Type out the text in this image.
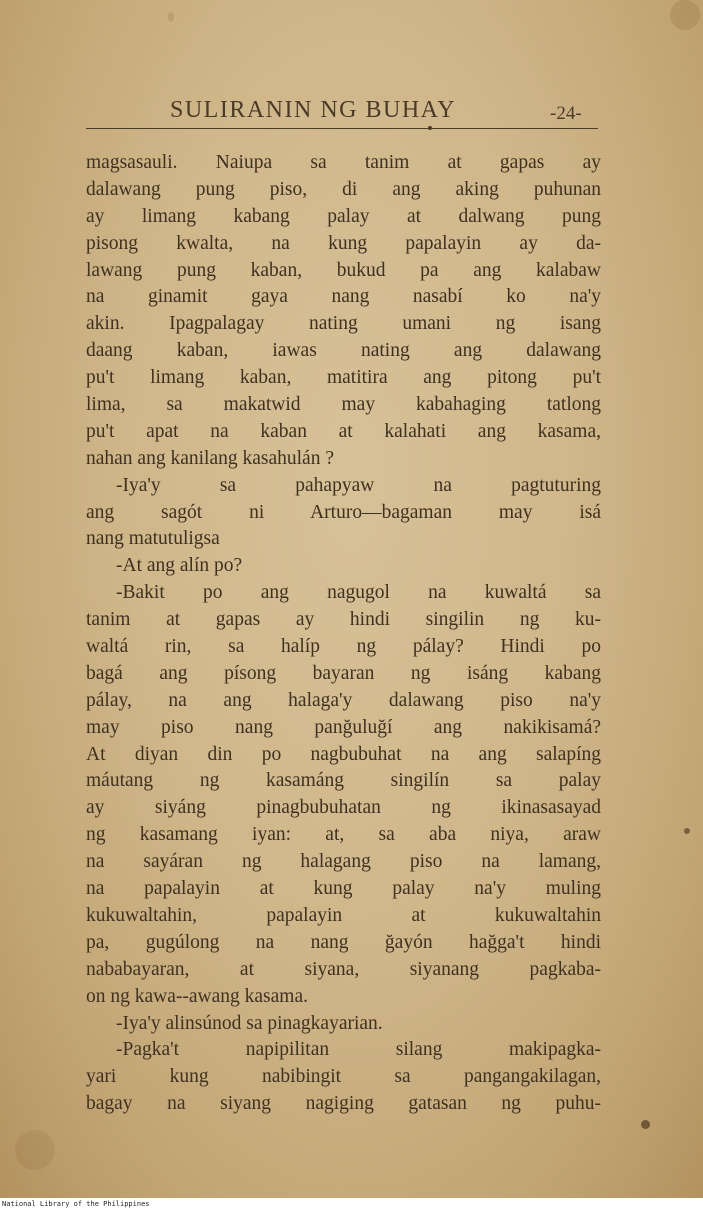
SULIRANIN NG BUHAY	-24-
magsasauli. Naiupa sa tanim at gapas ay
dalawang pung piso, di ang aking puhunan
ay limang kabang palay at dalwang pung
pisong kwalta, na kung papalayin ay da-
lawang pung kaban, bukud pa ang kalabaw
na ginamit gaya nang nasabí ko na'y
akin. Ipagpalagay nating umani ng isang
daang kaban, iawas nating ang dalawang
pu't limang kaban, matitira ang pitong pu't
lima, sa makatwid may kabahaging tatlong
pu't apat na kaban at kalahati ang kasama,
nahan ang kanilang kasahulán ?
-Iya'y sa pahapyaw na pagtuturing
ang sagót ni Arturo—bagaman may isá
nang matutuligsa
-At ang alín po?
-Bakit po ang nagugol na kuwaltá sa
tanim at gapas ay hindi singilin ng ku-
waltá rin, sa halíp ng pálay? Hindi po
bagá ang písong bayaran ng isáng kabang
pálay, na ang halaga'y dalawang piso na'y
may piso nang panğuluğí ang nakikisamá?
At diyan din po nagbubuhat na ang salapíng
máutang ng kasamáng singilín sa palay
ay siyáng pinagbubuhatan ng ikinasasayad
ng kasamang iyan: at, sa aba niya, araw
na sayáran ng halagang piso na lamang,
na papalayin at kung palay na'y muling
kukuwaltahin, papalayin at kukuwaltahin
pa, gugúlong na nang ğayón hağga't hindi
nababayaran, at siyana, siyanang pagkaba-
on ng kawa--awang kasama.
-Iya'y alinsúnod sa pinagkayarian.
-Pagka't napipilitan silang makipagka-
yari kung nabibingit sa pangangakilagan,
bagay na siyang nagiging gatasan ng puhu-
National Library of the Philippines
